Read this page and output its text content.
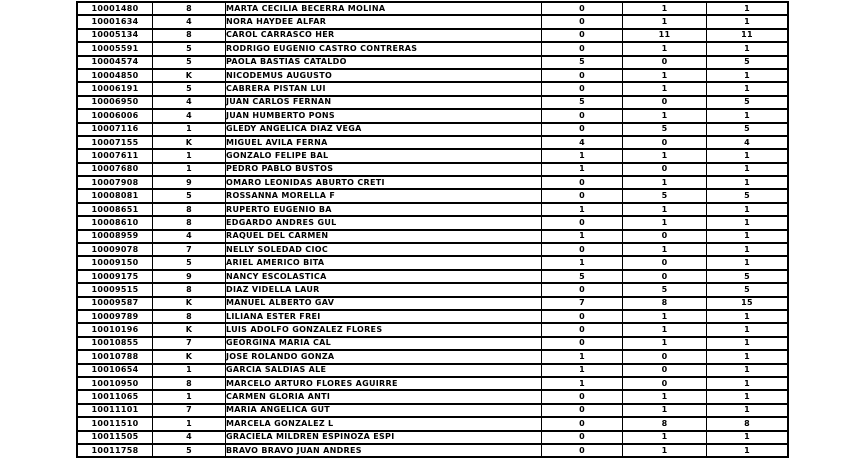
10001480	8	MARTA CECILIA BECERRA MOLINA	0	1	1
10001634	4	NORA HAYDEE ALFAR	0	1	1
10005134	8	CAROL CARRASCO HER	0	11	11
10005591	5	RODRIGO EUGENIO CASTRO CONTRERAS	0	1	1
10004574	5	PAOLA BASTIAS CATALDO	5	0	5
10004850	K	NICODEMUS AUGUSTO	0	1	1
10006191	5	CABRERA PISTAN LUI	0	1	1
10006950	4	JUAN CARLOS FERNAN	5	0	5
10006006	4	JUAN HUMBERTO PONS	0	1	1
10007116	1	GLEDY ANGELICA DIAZ VEGA	0	5	5
10007155	K	MIGUEL AVILA FERNA	4	0	4
10007611	1	GONZALO FELIPE BAL	1	1	1
10007680	1	PEDRO PABLO BUSTOS	1	0	1
10007908	9	OMARO LEONIDAS ABURTO CRETI	0	1	1
10008081	5	ROSSANNA MORELLA F	0	5	5
10008651	8	RUPERTO EUGENIO BA	1	1	1
10008610	8	EDGARDO ANDRES GUL	0	1	1
10008959	4	RAQUEL DEL CARMEN	1	0	1
10009078	7	NELLY SOLEDAD CIOC	0	1	1
10009150	5	ARIEL AMERICO BITA	1	0	1
10009175	9	NANCY ESCOLASTICA	5	0	5
10009515	8	DIAZ VIDELLA LAUR	0	5	5
10009587	K	MANUEL ALBERTO GAV	7	8	15
10009789	8	LILIANA ESTER FREI	0	1	1
10010196	K	LUIS ADOLFO GONZALEZ FLORES	0	1	1
10010855	7	GEORGINA MARIA CAL	0	1	1
10010788	K	JOSE ROLANDO GONZA	1	0	1
10010654	1	GARCIA SALDIAS ALE	1	0	1
10010950	8	MARCELO ARTURO FLORES AGUIRRE	1	0	1
10011065	1	CARMEN GLORIA ANTI	0	1	1
10011101	7	MARIA ANGELICA GUT	0	1	1
10011510	1	MARCELA GONZALEZ L	0	8	8
10011505	4	GRACIELA MILDREN ESPINOZA ESPI	0	1	1
10011758	5	BRAVO BRAVO JUAN ANDRES	0	1	1
